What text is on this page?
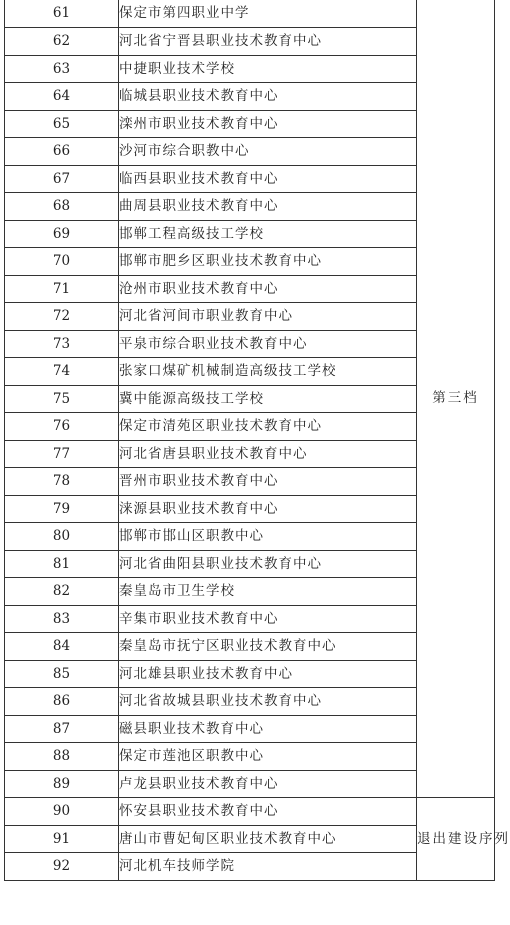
61	保定市第四职业中学	第三档
62	河北省宁晋县职业技术教育中心	
63	中捷职业技术学校	
64	临城县职业技术教育中心	
65	滦州市职业技术教育中心	
66	沙河市综合职教中心	
67	临西县职业技术教育中心	
68	曲周县职业技术教育中心	
69	邯郸工程高级技工学校	
70	邯郸市肥乡区职业技术教育中心	
71	沧州市职业技术教育中心	
72	河北省河间市职业教育中心	
73	平泉市综合职业技术教育中心	
74	张家口煤矿机械制造高级技工学校	
75	冀中能源高级技工学校	
76	保定市清苑区职业技术教育中心	
77	河北省唐县职业技术教育中心	
78	晋州市职业技术教育中心	
79	涞源县职业技术教育中心	
80	邯郸市邯山区职教中心	
81	河北省曲阳县职业技术教育中心	
82	秦皇岛市卫生学校	
83	辛集市职业技术教育中心	
84	秦皇岛市抚宁区职业技术教育中心	
85	河北雄县职业技术教育中心	
86	河北省故城县职业技术教育中心	
87	磁县职业技术教育中心	
88	保定市莲池区职教中心	
89	卢龙县职业技术教育中心	
90	怀安县职业技术教育中心	退出建设序列
91	唐山市曹妃甸区职业技术教育中心	
92	河北机车技师学院	
